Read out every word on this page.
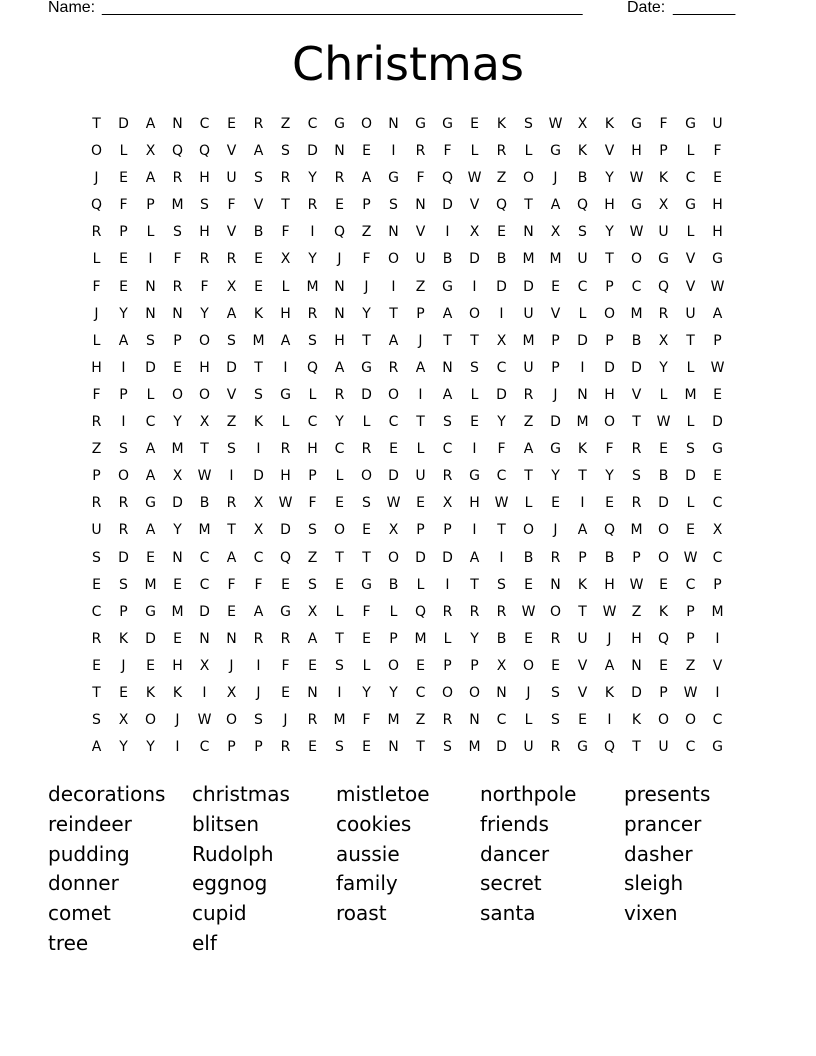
Name: ______________________________________________________	Date: _______
Christmas
T	D	A	N	C	E	R	Z	C	G	O	N	G	G	E	K	S	W	X	K	G	F	G	U
O	L	X	Q	Q	V	A	S	D	N	E	I	R	F	L	R	L	G	K	V	H	P	L	F
J	E	A	R	H	U	S	R	Y	R	A	G	F	Q	W	Z	O	J	B	Y	W	K	C	E
Q	F	P	M	S	F	V	T	R	E	P	S	N	D	V	Q	T	A	Q	H	G	X	G	H
R	P	L	S	H	V	B	F	I	Q	Z	N	V	I	X	E	N	X	S	Y	W	U	L	H
L	E	I	F	R	R	E	X	Y	J	F	O	U	B	D	B	M	M	U	T	O	G	V	G
F	E	N	R	F	X	E	L	M	N	J	I	Z	G	I	D	D	E	C	P	C	Q	V	W
J	Y	N	N	Y	A	K	H	R	N	Y	T	P	A	O	I	U	V	L	O	M	R	U	A
L	A	S	P	O	S	M	A	S	H	T	A	J	T	T	X	M	P	D	P	B	X	T	P
H	I	D	E	H	D	T	I	Q	A	G	R	A	N	S	C	U	P	I	D	D	Y	L	W
F	P	L	O	O	V	S	G	L	R	D	O	I	A	L	D	R	J	N	H	V	L	M	E
R	I	C	Y	X	Z	K	L	C	Y	L	C	T	S	E	Y	Z	D	M	O	T	W	L	D
Z	S	A	M	T	S	I	R	H	C	R	E	L	C	I	F	A	G	K	F	R	E	S	G
P	O	A	X	W	I	D	H	P	L	O	D	U	R	G	C	T	Y	T	Y	S	B	D	E
R	R	G	D	B	R	X	W	F	E	S	W	E	X	H	W	L	E	I	E	R	D	L	C
U	R	A	Y	M	T	X	D	S	O	E	X	P	P	I	T	O	J	A	Q	M	O	E	X
S	D	E	N	C	A	C	Q	Z	T	T	O	D	D	A	I	B	R	P	B	P	O	W	C
E	S	M	E	C	F	F	E	S	E	G	B	L	I	T	S	E	N	K	H	W	E	C	P
C	P	G	M	D	E	A	G	X	L	F	L	Q	R	R	R	W	O	T	W	Z	K	P	M
R	K	D	E	N	N	R	R	A	T	E	P	M	L	Y	B	E	R	U	J	H	Q	P	I
E	J	E	H	X	J	I	F	E	S	L	O	E	P	P	X	O	E	V	A	N	E	Z	V
T	E	K	K	I	X	J	E	N	I	Y	Y	C	O	O	N	J	S	V	K	D	P	W	I
S	X	O	J	W	O	S	J	R	M	F	M	Z	R	N	C	L	S	E	I	K	O	O	C
A	Y	Y	I	C	P	P	R	E	S	E	N	T	S	M	D	U	R	G	Q	T	U	C	G
decorations	christmas	mistletoe	northpole	presents
reindeer	blitsen	cookies	friends	prancer
pudding	Rudolph	aussie	dancer	dasher
donner	eggnog	family	secret	sleigh
comet	cupid	roast	santa	vixen
tree	elf
